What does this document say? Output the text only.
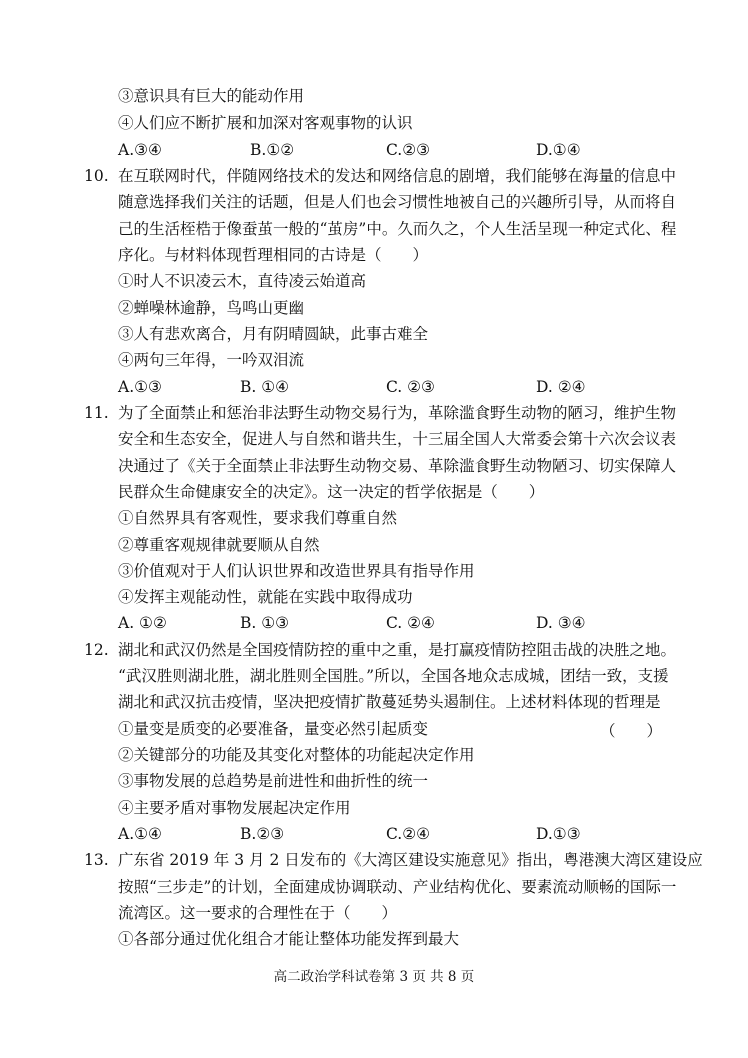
③意识具有巨大的能动作用
④人们应不断扩展和加深对客观事物的认识
A.③④	B.①②	C.②③	D.①④
10. 在互联网时代，伴随网络技术的发达和网络信息的剧增，我们能够在海量的信息中
随意选择我们关注的话题，但是人们也会习惯性地被自己的兴趣所引导，从而将自
己的生活桎梏于像蚕茧一般的“茧房”中。久而久之，个人生活呈现一种定式化、程
序化。与材料体现哲理相同的古诗是（　　）
①时人不识凌云木，直待凌云始道高
②蝉噪林逾静，鸟鸣山更幽
③人有悲欢离合，月有阴晴圆缺，此事古难全
④两句三年得，一吟双泪流
A.①③	B. ①④	C. ②③	D. ②④
11. 为了全面禁止和惩治非法野生动物交易行为，革除滥食野生动物的陋习，维护生物
安全和生态安全，促进人与自然和谐共生，十三届全国人大常委会第十六次会议表
决通过了《关于全面禁止非法野生动物交易、革除滥食野生动物陋习、切实保障人
民群众生命健康安全的决定》。这一决定的哲学依据是（　　）
①自然界具有客观性，要求我们尊重自然
②尊重客观规律就要顺从自然
③价值观对于人们认识世界和改造世界具有指导作用
④发挥主观能动性，就能在实践中取得成功
A. ①②	B. ①③	C. ②④	D. ③④
12. 湖北和武汉仍然是全国疫情防控的重中之重，是打赢疫情防控阻击战的决胜之地。
“武汉胜则湖北胜，湖北胜则全国胜。”所以，全国各地众志成城，团结一致，支援
湖北和武汉抗击疫情，坚决把疫情扩散蔓延势头遏制住。上述材料体现的哲理是
①量变是质变的必要准备，量变必然引起质变	（　　）
②关键部分的功能及其变化对整体的功能起决定作用
③事物发展的总趋势是前进性和曲折性的统一
④主要矛盾对事物发展起决定作用
A.①④	B.②③	C.②④	D.①③
13. 广东省 2019 年 3 月 2 日发布的《大湾区建设实施意见》指出，粤港澳大湾区建设应
按照“三步走”的计划，全面建成协调联动、产业结构优化、要素流动顺畅的国际一
流湾区。这一要求的合理性在于（　　）
①各部分通过优化组合才能让整体功能发挥到最大
高二政治学科试卷第 3 页 共 8 页
